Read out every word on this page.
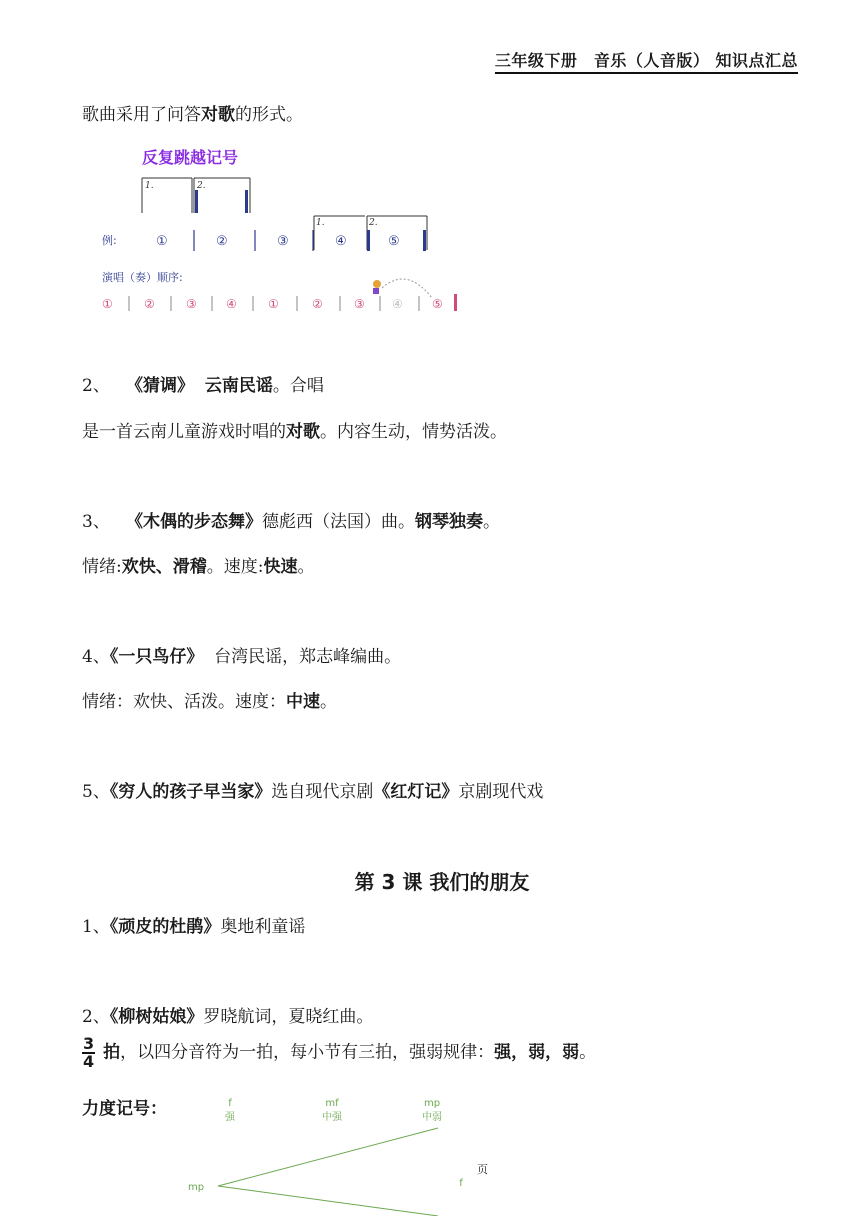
三年级下册　音乐（人音版） 知识点汇总
歌曲采用了问答对歌的形式。
反复跳越记号
1.	2.
1.	2.
例:	①	②	③	④	⑤
演唱（奏）顺序:
①	②	③ ④	①	②	③ ④ ⑤
2、 《猜调》 云南民谣。合唱
是一首云南儿童游戏时唱的对歌。内容生动，情势活泼。
3、 《木偶的步态舞》德彪西（法国）曲。钢琴独奏。
情绪:欢快、滑稽。速度:快速。
4、《一只鸟仔》 台湾民谣，郑志峰编曲。
情绪：欢快、活泼。速度：中速。
5、《穷人的孩子早当家》选自现代京剧《红灯记》京剧现代戏
第 3 课 我们的朋友
1、《顽皮的杜鹃》奥地利童谣
2、《柳树姑娘》罗晓航词，夏晓红曲。
$\frac{3}{4}$ 拍，以四分音符为一拍，每小节有三拍，强弱规律：强，弱，弱。
力度记号：	f
强
mf
中强
mp
中弱
mp	f
页
